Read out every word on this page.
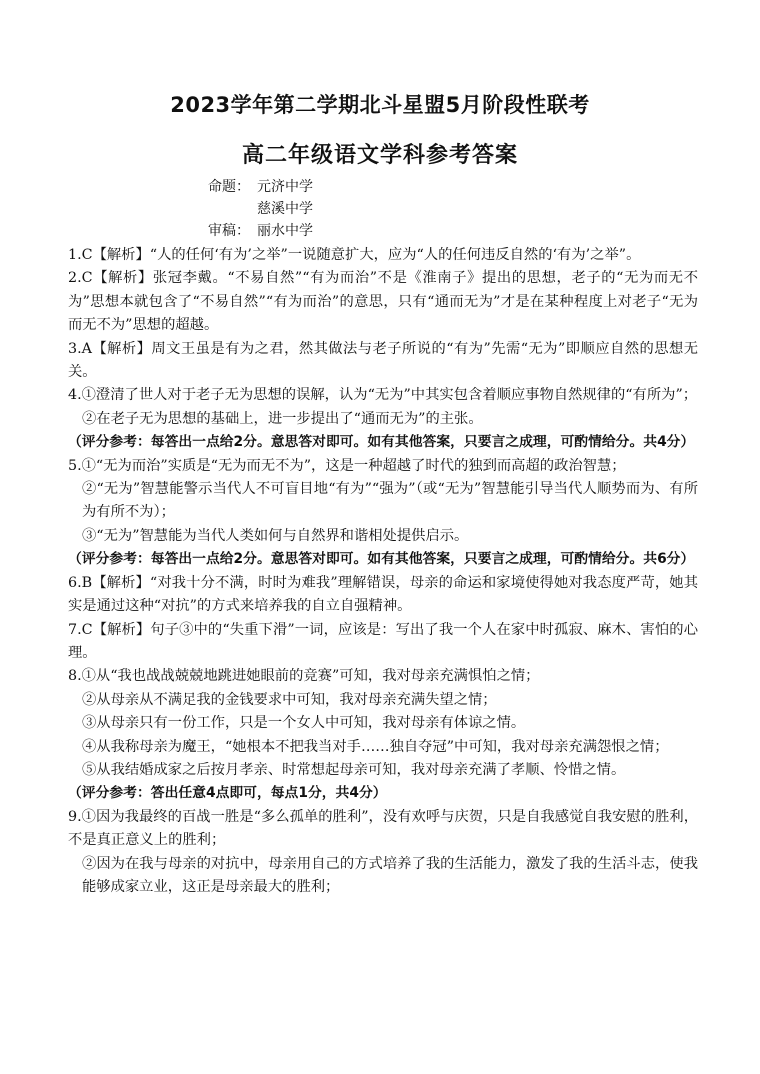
2023学年第二学期北斗星盟5月阶段性联考
高二年级语文学科参考答案
命题： 元济中学
慈溪中学
审稿： 丽水中学

1.C【解析】“人的任何‘有为’之举”一说随意扩大，应为“人的任何违反自然的‘有为’之举”。

2.C【解析】张冠李戴。“不易自然”“有为而治”不是《淮南子》提出的思想，老子的“无为而无不为”思想本就包含了“不易自然”“有为而治”的意思，只有“通而无为”才是在某种程度上对老子“无为而无不为”思想的超越。

3.A【解析】周文王虽是有为之君，然其做法与老子所说的“有为”先需“无为”即顺应自然的思想无关。

4.①澄清了世人对于老子无为思想的误解，认为“无为”中其实包含着顺应事物自然规律的“有所为”；

②在老子无为思想的基础上，进一步提出了“通而无为”的主张。

（评分参考：每答出一点给2分。意思答对即可。如有其他答案，只要言之成理，可酌情给分。共4分）

5.①“无为而治”实质是“无为而无不为”，这是一种超越了时代的独到而高超的政治智慧；

②“无为”智慧能警示当代人不可盲目地“有为”“强为”（或“无为”智慧能引导当代人顺势而为、有所为有所不为）；

③“无为”智慧能为当代人类如何与自然界和谐相处提供启示。

（评分参考：每答出一点给2分。意思答对即可。如有其他答案，只要言之成理，可酌情给分。共6分）

6.B【解析】“对我十分不满，时时为难我”理解错误，母亲的命运和家境使得她对我态度严苛，她其实是通过这种“对抗”的方式来培养我的自立自强精神。

7.C【解析】句子③中的“失重下滑”一词，应该是：写出了我一个人在家中时孤寂、麻木、害怕的心理。

8.①从“我也战战兢兢地跳进她眼前的竞赛”可知，我对母亲充满惧怕之情；

②从母亲从不满足我的金钱要求中可知，我对母亲充满失望之情；

③从母亲只有一份工作，只是一个女人中可知，我对母亲有体谅之情。

④从我称母亲为魔王，“她根本不把我当对手……独自夺冠”中可知，我对母亲充满怨恨之情；

⑤从我结婚成家之后按月孝亲、时常想起母亲可知，我对母亲充满了孝顺、怜惜之情。

（评分参考：答出任意4点即可，每点1分，共4分）

9.①因为我最终的百战一胜是“多么孤单的胜利”，没有欢呼与庆贺，只是自我感觉自我安慰的胜利，不是真正意义上的胜利；

②因为在我与母亲的对抗中，母亲用自己的方式培养了我的生活能力，激发了我的生活斗志，使我能够成家立业，这正是母亲最大的胜利；
